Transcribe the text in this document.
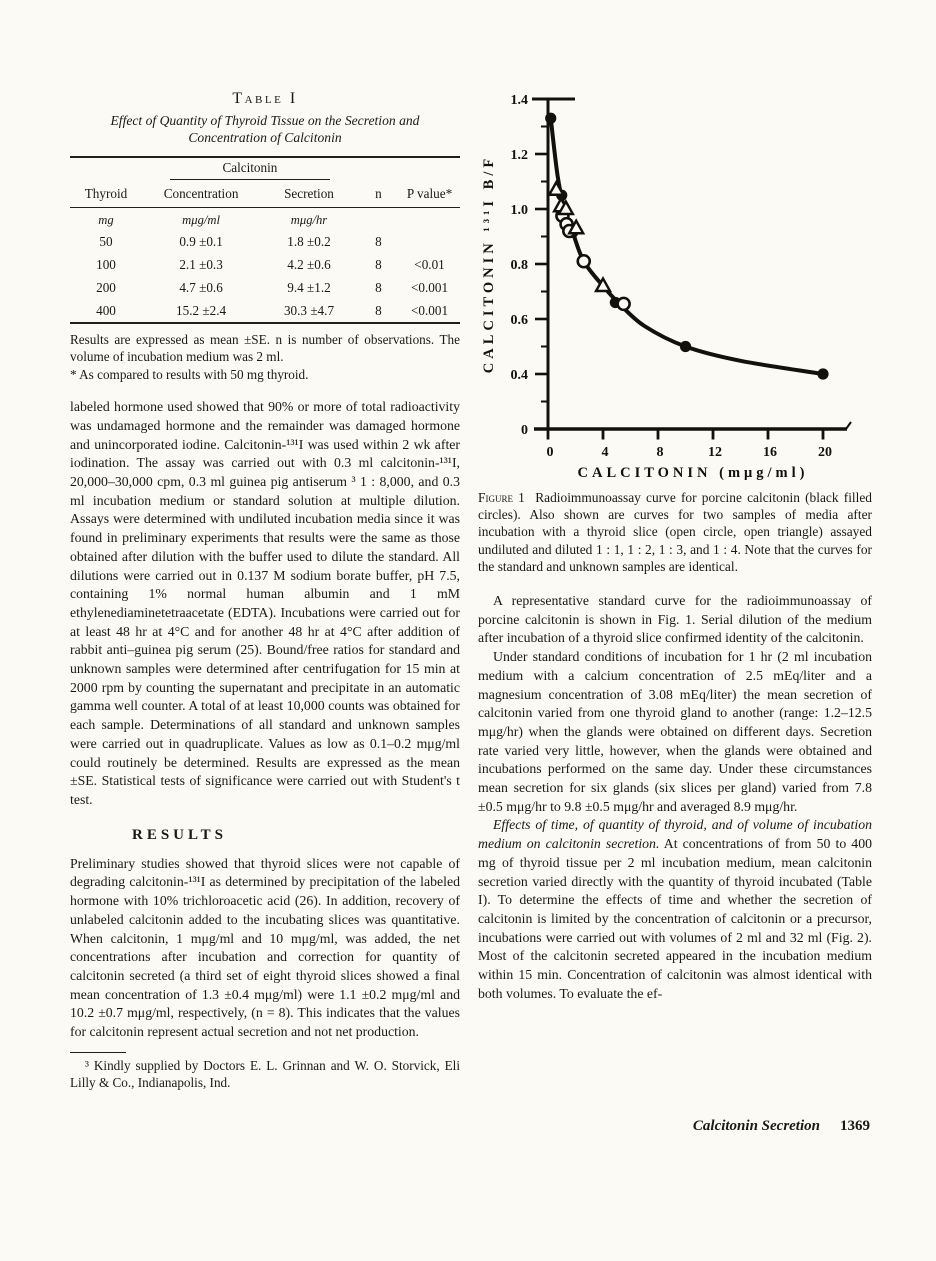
Table I
Effect of Quantity of Thyroid Tissue on the Secretion and Concentration of Calcitonin

	Calcitonin			

Thyroid	Concentration	Secretion	n	P value*
mg	mμg/ml	mμg/hr		
50	0.9 ±0.1	1.8 ±0.2	8	
100	2.1 ±0.3	4.2 ±0.6	8	<0.01
200	4.7 ±0.6	9.4 ±1.2	8	<0.001
400	15.2 ±2.4	30.3 ±4.7	8	<0.001

Results are expressed as mean ±SE. n is number of observations. The volume of incubation medium was 2 ml.

* As compared to results with 50 mg thyroid.

labeled hormone used showed that 90% or more of total radioactivity was undamaged hormone and the remainder was damaged hormone and unincorporated iodine. Calcitonin-¹³¹I was used within 2 wk after iodination. The assay was carried out with 0.3 ml calcitonin-¹³¹I, 20,000–30,000 cpm, 0.3 ml guinea pig antiserum ³ 1 : 8,000, and 0.3 ml incubation medium or standard solution at multiple dilution. Assays were determined with undiluted incubation media since it was found in preliminary experiments that results were the same as those obtained after dilution with the buffer used to dilute the standard. All dilutions were carried out in 0.137 M sodium borate buffer, pH 7.5, containing 1% normal human albumin and 1 mM ethylenediaminetetraacetate (EDTA). Incubations were carried out for at least 48 hr at 4°C and for another 48 hr at 4°C after addition of rabbit anti–guinea pig serum (25). Bound/free ratios for standard and unknown samples were determined after centrifugation for 15 min at 2000 rpm by counting the supernatant and precipitate in an automatic gamma well counter. A total of at least 10,000 counts was obtained for each sample. Determinations of all standard and unknown samples were carried out in quadruplicate. Values as low as 0.1–0.2 mμg/ml could routinely be determined. Results are expressed as the mean ±SE. Statistical tests of significance were carried out with Student's t test.

RESULTS

Preliminary studies showed that thyroid slices were not capable of degrading calcitonin-¹³¹I as determined by precipitation of the labeled hormone with 10% trichloroacetic acid (26). In addition, recovery of unlabeled calcitonin added to the incubating slices was quantitative. When calcitonin, 1 mμg/ml and 10 mμg/ml, was added, the net concentrations after incubation and correction for quantity of calcitonin secreted (a third set of eight thyroid slices showed a final mean concentration of 1.3 ±0.4 mμg/ml) were 1.1 ±0.2 mμg/ml and 10.2 ±0.7 mμg/ml, respectively, (n = 8). This indicates that the values for calcitonin represent actual secretion and not net production.

³ Kindly supplied by Doctors E. L. Grinnan and W. O. Storvick, Eli Lilly & Co., Indianapolis, Ind.

0
0.4
0.6
0.8
1.0
1.2
1.4
0	4	8	12	16	20
CALCITONIN (mμg/ml)
CALCITONIN ¹³¹I B/F

Figure 1 Radioimmunoassay curve for porcine calcitonin (black filled circles). Also shown are curves for two samples of media after incubation with a thyroid slice (open circle, open triangle) assayed undiluted and diluted 1 : 1, 1 : 2, 1 : 3, and 1 : 4. Note that the curves for the standard and unknown samples are identical.

A representative standard curve for the radioimmunoassay of porcine calcitonin is shown in Fig. 1. Serial dilution of the medium after incubation of a thyroid slice confirmed identity of the calcitonin.

Under standard conditions of incubation for 1 hr (2 ml incubation medium with a calcium concentration of 2.5 mEq/liter and a magnesium concentration of 3.08 mEq/liter) the mean secretion of calcitonin varied from one thyroid gland to another (range: 1.2–12.5 mμg/hr) when the glands were obtained on different days. Secretion rate varied very little, however, when the glands were obtained and incubations performed on the same day. Under these circumstances mean secretion for six glands (six slices per gland) varied from 7.8 ±0.5 mμg/hr to 9.8 ±0.5 mμg/hr and averaged 8.9 mμg/hr.

Effects of time, of quantity of thyroid, and of volume of incubation medium on calcitonin secretion. At concentrations of from 50 to 400 mg of thyroid tissue per 2 ml incubation medium, mean calcitonin secretion varied directly with the quantity of thyroid incubated (Table I). To determine the effects of time and whether the secretion of calcitonin is limited by the concentration of calcitonin or a precursor, incubations were carried out with volumes of 2 ml and 32 ml (Fig. 2). Most of the calcitonin secreted appeared in the incubation medium within 15 min. Concentration of calcitonin was almost identical with both volumes. To evaluate the ef-

Calcitonin Secretion 1369
